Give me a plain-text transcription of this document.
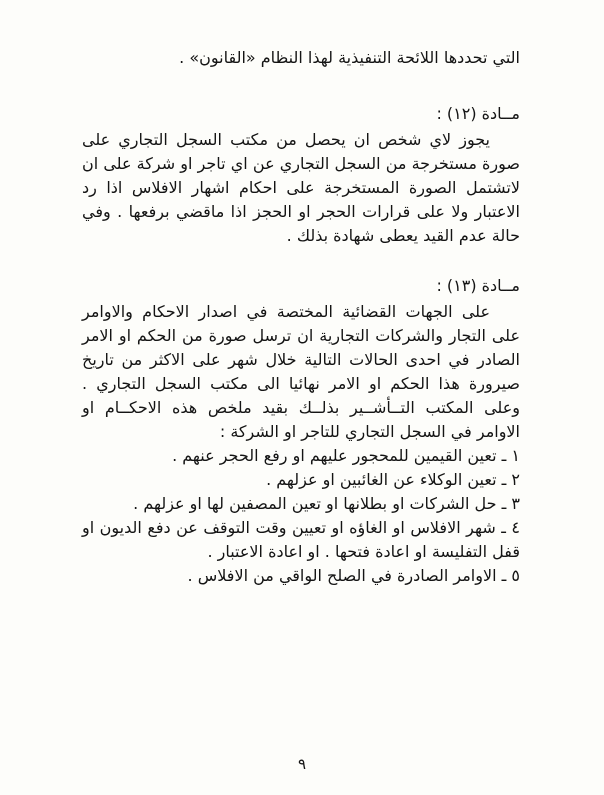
التي تحددها اللائحة التنفيذية لهذا النظام «القانون» .

مــادة (١٢) :

يجوز لاي شخص ان يحصل من مكتب السجل التجاري على صورة مستخرجة من السجل التجاري عن اي تاجر او شركة على ان لاتشتمل الصورة المستخرجة على احكام اشهار الافلاس اذا رد الاعتبار ولا على قرارات الحجر او الحجز اذا ماقضي برفعها . وفي حالة عدم القيد يعطى شهادة بذلك .

مــادة (١٣) :

على الجهات القضائية المختصة في اصدار الاحكام والاوامر على التجار والشركات التجارية ان ترسل صورة من الحكم او الامر الصادر في احدى الحالات التالية خلال شهر على الاكثر من تاريخ صيرورة هذا الحكم او الامر نهائيا الى مكتب السجل التجاري . وعلى المكتب التــأشــير بذلــك بقيد ملخص هذه الاحكــام او الاوامر في السجل التجاري للتاجر او الشركة :

١ ـ تعين القيمين للمحجور عليهم او رفع الحجر عنهم .

٢ ـ تعين الوكلاء عن الغائبين او عزلهم .

٣ ـ حل الشركات او بطلانها او تعين المصفين لها او عزلهم .

٤ ـ شهر الافلاس او الغاؤه او تعيين وقت التوقف عن دفع الديون او قفل التفليسة او اعادة فتحها . او اعادة الاعتبار .

٥ ـ الاوامر الصادرة في الصلح الواقي من الافلاس .

٩
